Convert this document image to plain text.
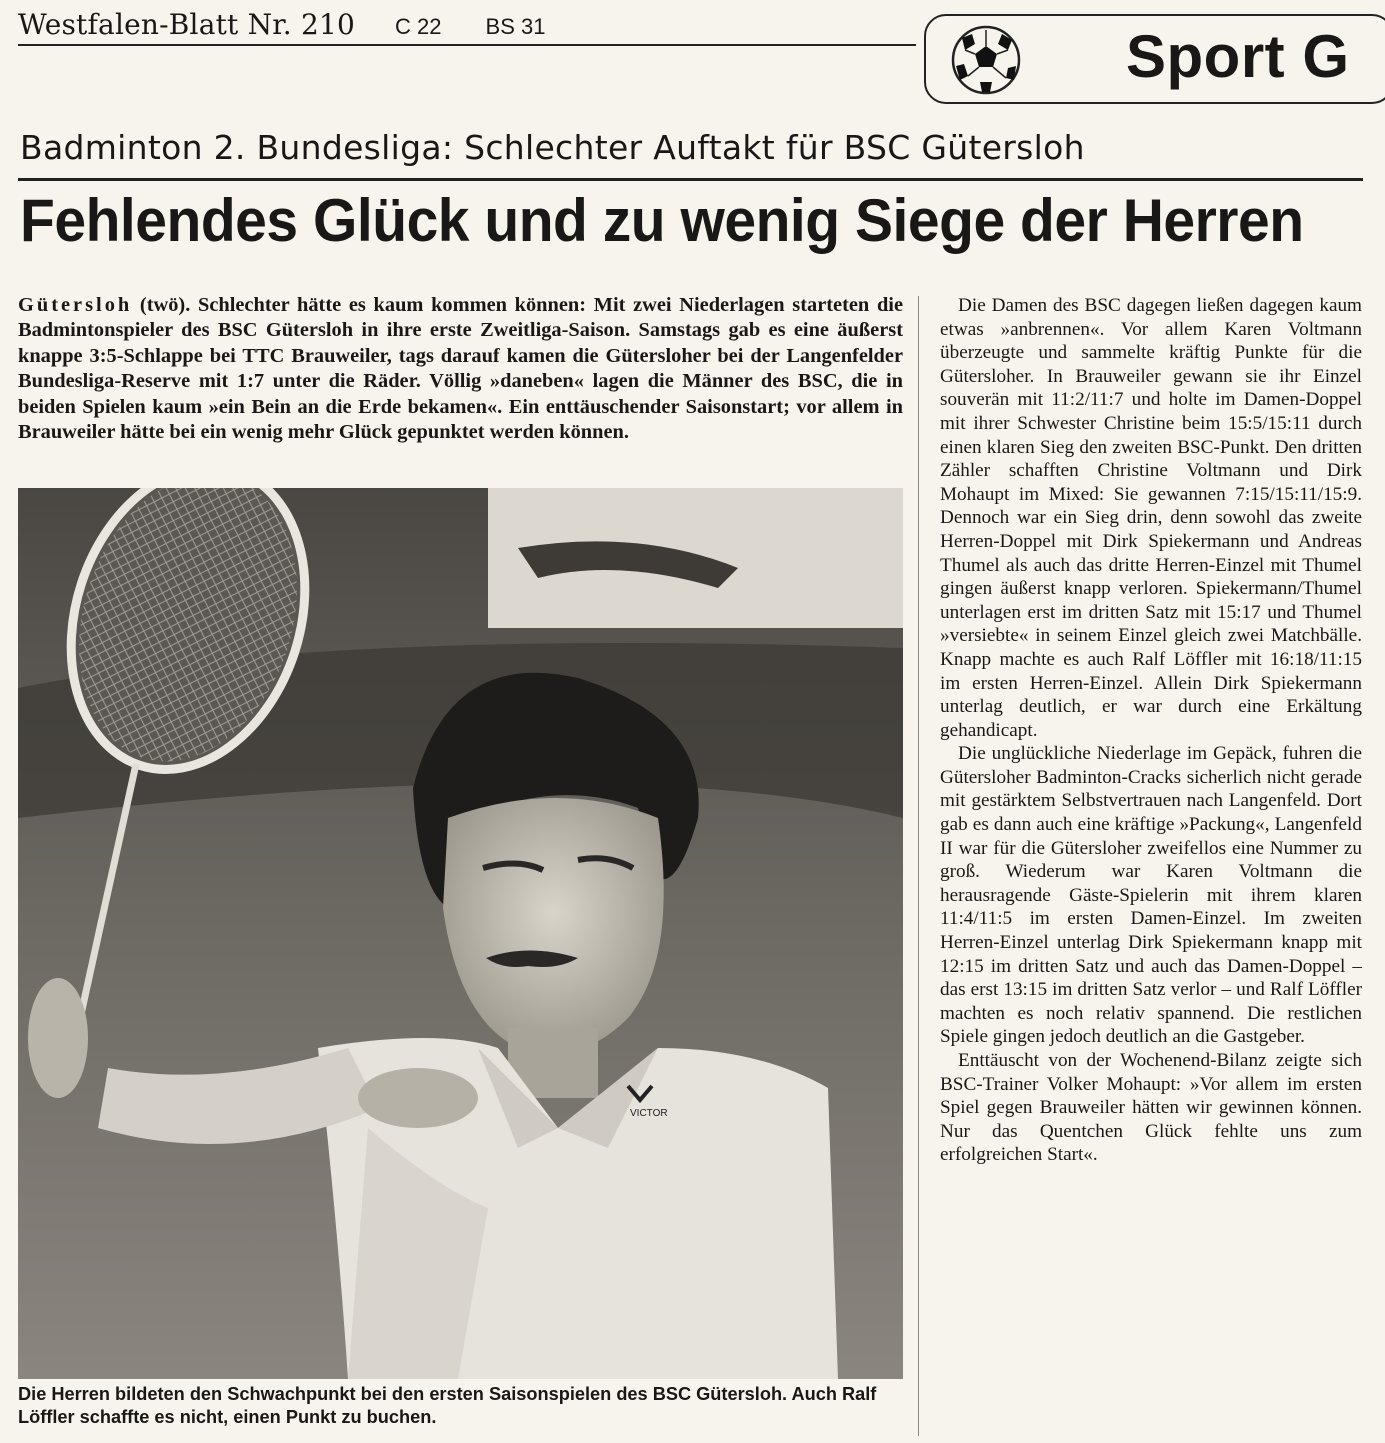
Westfalen-Blatt Nr. 210 C 22 BS 31	Sport G
Badminton 2. Bundesliga: Schlechter Auftakt für BSC Gütersloh
Fehlendes Glück und zu wenig Siege der Herren
Gütersloh (twö). Schlechter hätte es kaum kommen können: Mit zwei Niederlagen starteten die Badmintonspieler des BSC Gütersloh in ihre erste Zweitliga-Saison. Samstags gab es eine äußerst knappe 3:5-Schlappe bei TTC Brauweiler, tags darauf kamen die Gütersloher bei der Langenfelder Bundesliga-Reserve mit 1:7 unter die Räder. Völlig »daneben« lagen die Männer des BSC, die in beiden Spielen kaum »ein Bein an die Erde bekamen«. Ein enttäuschender Saisonstart; vor allem in Brauweiler hätte bei ein wenig mehr Glück gepunktet werden können.
VICTOR
Die Herren bildeten den Schwachpunkt bei den ersten Saisonspielen des BSC Gütersloh. Auch Ralf Löffler schaffte es nicht, einen Punkt zu buchen.

Die Damen des BSC dagegen ließen dagegen kaum etwas »anbrennen«. Vor allem Karen Voltmann überzeugte und sammelte kräftig Punkte für die Gütersloher. In Brauweiler gewann sie ihr Einzel souverän mit 11:2/11:7 und holte im Damen-Doppel mit ihrer Schwester Christine beim 15:5/15:11 durch einen klaren Sieg den zweiten BSC-Punkt. Den dritten Zähler schafften Christine Voltmann und Dirk Mohaupt im Mixed: Sie gewannen 7:15/15:11/15:9. Dennoch war ein Sieg drin, denn sowohl das zweite Herren-Doppel mit Dirk Spiekermann und Andreas Thumel als auch das dritte Herren-Einzel mit Thumel gingen äußerst knapp verloren. Spiekermann/Thumel unterlagen erst im dritten Satz mit 15:17 und Thumel »versiebte« in seinem Einzel gleich zwei Matchbälle. Knapp machte es auch Ralf Löffler mit 16:18/11:15 im ersten Herren-Einzel. Allein Dirk Spiekermann unterlag deutlich, er war durch eine Erkältung gehandicapt.

Die unglückliche Niederlage im Gepäck, fuhren die Gütersloher Badminton-Cracks sicherlich nicht gerade mit gestärktem Selbstvertrauen nach Langenfeld. Dort gab es dann auch eine kräftige »Packung«, Langenfeld II war für die Gütersloher zweifellos eine Nummer zu groß. Wiederum war Karen Voltmann die herausragende Gäste-Spielerin mit ihrem klaren 11:4/11:5 im ersten Damen-Einzel. Im zweiten Herren-Einzel unterlag Dirk Spiekermann knapp mit 12:15 im dritten Satz und auch das Damen-Doppel – das erst 13:15 im dritten Satz verlor – und Ralf Löffler machten es noch relativ spannend. Die restlichen Spiele gingen jedoch deutlich an die Gastgeber.

Enttäuscht von der Wochenend-Bilanz zeigte sich BSC-Trainer Volker Mohaupt: »Vor allem im ersten Spiel gegen Brauweiler hätten wir gewinnen können. Nur das Quentchen Glück fehlte uns zum erfolgreichen Start«.
